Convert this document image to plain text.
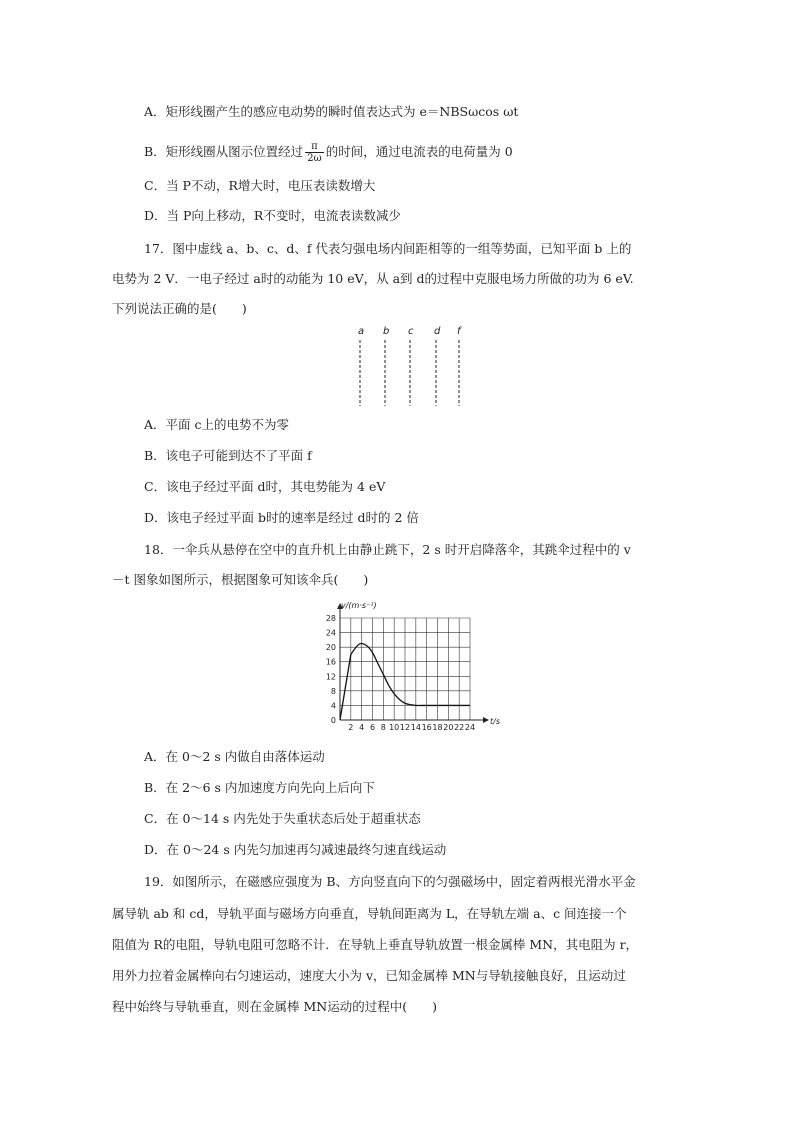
A．矩形线圈产生的感应电动势的瞬时值表达式为 e＝NBSωcos ωt
B．矩形线圈从图示位置经过 $\frac{\pi}{2\omega}$ 的时间，通过电流表的电荷量为 0
C．当 P不动，R增大时，电压表读数增大
D．当 P向上移动，R不变时，电流表读数减少
17．图中虚线 a、b、c、d、f 代表匀强电场内间距相等的一组等势面，已知平面 b 上的
电势为 2 V．一电子经过 a时的动能为 10 eV，从 a到 d的过程中克服电场力所做的功为 6 eV.
下列说法正确的是(　　)
a b c d f
A．平面 c上的电势不为零
B．该电子可能到达不了平面 f
C．该电子经过平面 d时，其电势能为 4 eV
D．该电子经过平面 b时的速率是经过 d时的 2 倍
18．一伞兵从悬停在空中的直升机上由静止跳下，2 s 时开启降落伞，其跳伞过程中的 v
－t 图象如图所示，根据图象可知该伞兵(　　)
v/(m·s⁻¹)
t/s
0
4
8
12
16
20
24
28
2 4 6 8 10 12 14 16 18 20 22 24
A．在 0～2 s 内做自由落体运动
B．在 2～6 s 内加速度方向先向上后向下
C．在 0～14 s 内先处于失重状态后处于超重状态
D．在 0～24 s 内先匀加速再匀减速最终匀速直线运动
19．如图所示，在磁感应强度为 B、方向竖直向下的匀强磁场中，固定着两根光滑水平金
属导轨 ab 和 cd，导轨平面与磁场方向垂直，导轨间距离为 L，在导轨左端 a、c 间连接一个
阻值为 R的电阻，导轨电阻可忽略不计．在导轨上垂直导轨放置一根金属棒 MN，其电阻为 r，
用外力拉着金属棒向右匀速运动，速度大小为 v，已知金属棒 MN与导轨接触良好，且运动过
程中始终与导轨垂直，则在金属棒 MN运动的过程中(　　)
